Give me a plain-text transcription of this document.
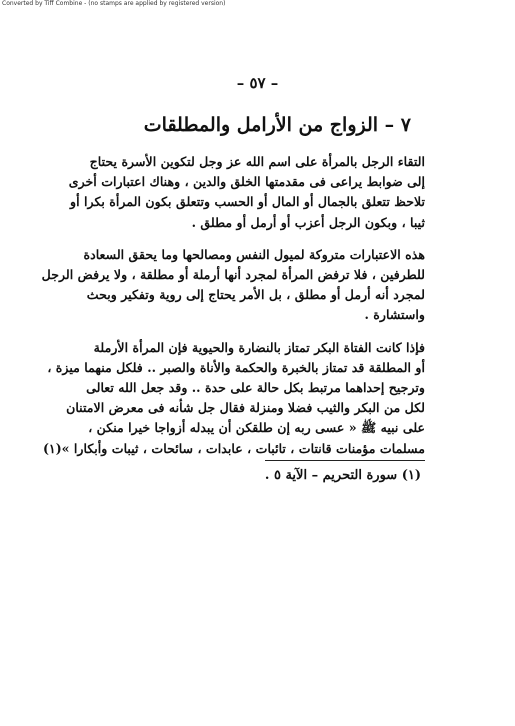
Converted by Tiff Combine - (no stamps are applied by registered version)
– ٥٧ –
٧ – الزواج من الأرامل والمطلقات
التقاء الرجل بالمرأة على اسم الله عز وجل لتكوين الأسرة يحتاج
إلى ضوابط يراعى فى مقدمتها الخلق والدين ، وهناك اعتبارات أخرى
تلاحظ تتعلق بالجمال أو المال أو الحسب وتتعلق بكون المرأة بكرا أو
ثيبا ، وبكون الرجل أعزب أو أرمل أو مطلق .
هذه الاعتبارات متروكة لميول النفس ومصالحها وما يحقق السعادة
للطرفين ، فلا ترفض المرأة لمجرد أنها أرملة أو مطلقة ، ولا يرفض الرجل
لمجرد أنه أرمل أو مطلق ، بل الأمر يحتاج إلى روية وتفكير وبحث
واستشارة .
فإذا كانت الفتاة البكر تمتاز بالنضارة والحيوية فإن المرأة الأرملة
أو المطلقة قد تمتاز بالخبرة والحكمة والأناة والصبر .. فلكل منهما ميزة ،
وترجيح إحداهما مرتبط بكل حالة على حدة .. وقد جعل الله تعالى
لكل من البكر والثيب فضلا ومنزلة فقال جل شأنه فى معرض الامتنان
على نبيه ﷺ « عسى ربه إن طلقكن أن يبدله أزواجا خيرا منكن ،
مسلمات مؤمنات قانتات ، تائبات ، عابدات ، سائحات ، ثيبات وأبكارا »(١)
(١) سورة التحريم – الآية ٥ .
